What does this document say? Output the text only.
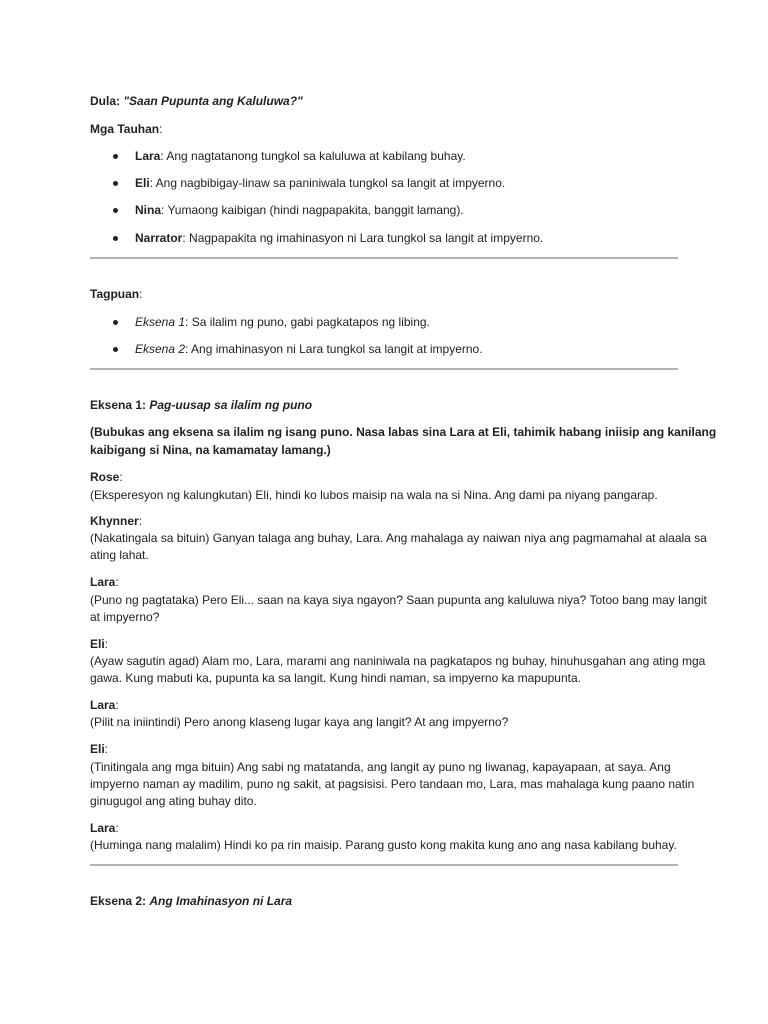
Dula: "Saan Pupunta ang Kaluluwa?"
Mga Tauhan:
Lara: Ang nagtatanong tungkol sa kaluluwa at kabilang buhay.
Eli: Ang nagbibigay-linaw sa paniniwala tungkol sa langit at impyerno.
Nina: Yumaong kaibigan (hindi nagpapakita, banggit lamang).
Narrator: Nagpapakita ng imahinasyon ni Lara tungkol sa langit at impyerno.
Tagpuan:
Eksena 1: Sa ilalim ng puno, gabi pagkatapos ng libing.
Eksena 2: Ang imahinasyon ni Lara tungkol sa langit at impyerno.
Eksena 1: Pag-uusap sa ilalim ng puno
(Bubukas ang eksena sa ilalim ng isang puno. Nasa labas sina Lara at Eli, tahimik habang iniisip ang kanilang
kaibigang si Nina, na kamamatay lamang.)
Rose:
(Eksperesyon ng kalungkutan) Eli, hindi ko lubos maisip na wala na si Nina. Ang dami pa niyang pangarap.
Khynner:
(Nakatingala sa bituin) Ganyan talaga ang buhay, Lara. Ang mahalaga ay naiwan niya ang pagmamahal at alaala sa
ating lahat.
Lara:
(Puno ng pagtataka) Pero Eli... saan na kaya siya ngayon? Saan pupunta ang kaluluwa niya? Totoo bang may langit
at impyerno?
Eli:
(Ayaw sagutin agad) Alam mo, Lara, marami ang naniniwala na pagkatapos ng buhay, hinuhusgahan ang ating mga
gawa. Kung mabuti ka, pupunta ka sa langit. Kung hindi naman, sa impyerno ka mapupunta.
Lara:
(Pilit na iniintindi) Pero anong klaseng lugar kaya ang langit? At ang impyerno?
Eli:
(Tinitingala ang mga bituin) Ang sabi ng matatanda, ang langit ay puno ng liwanag, kapayapaan, at saya. Ang
impyerno naman ay madilim, puno ng sakit, at pagsisisi. Pero tandaan mo, Lara, mas mahalaga kung paano natin
ginugugol ang ating buhay dito.
Lara:
(Huminga nang malalim) Hindi ko pa rin maisip. Parang gusto kong makita kung ano ang nasa kabilang buhay.
Eksena 2: Ang Imahinasyon ni Lara
